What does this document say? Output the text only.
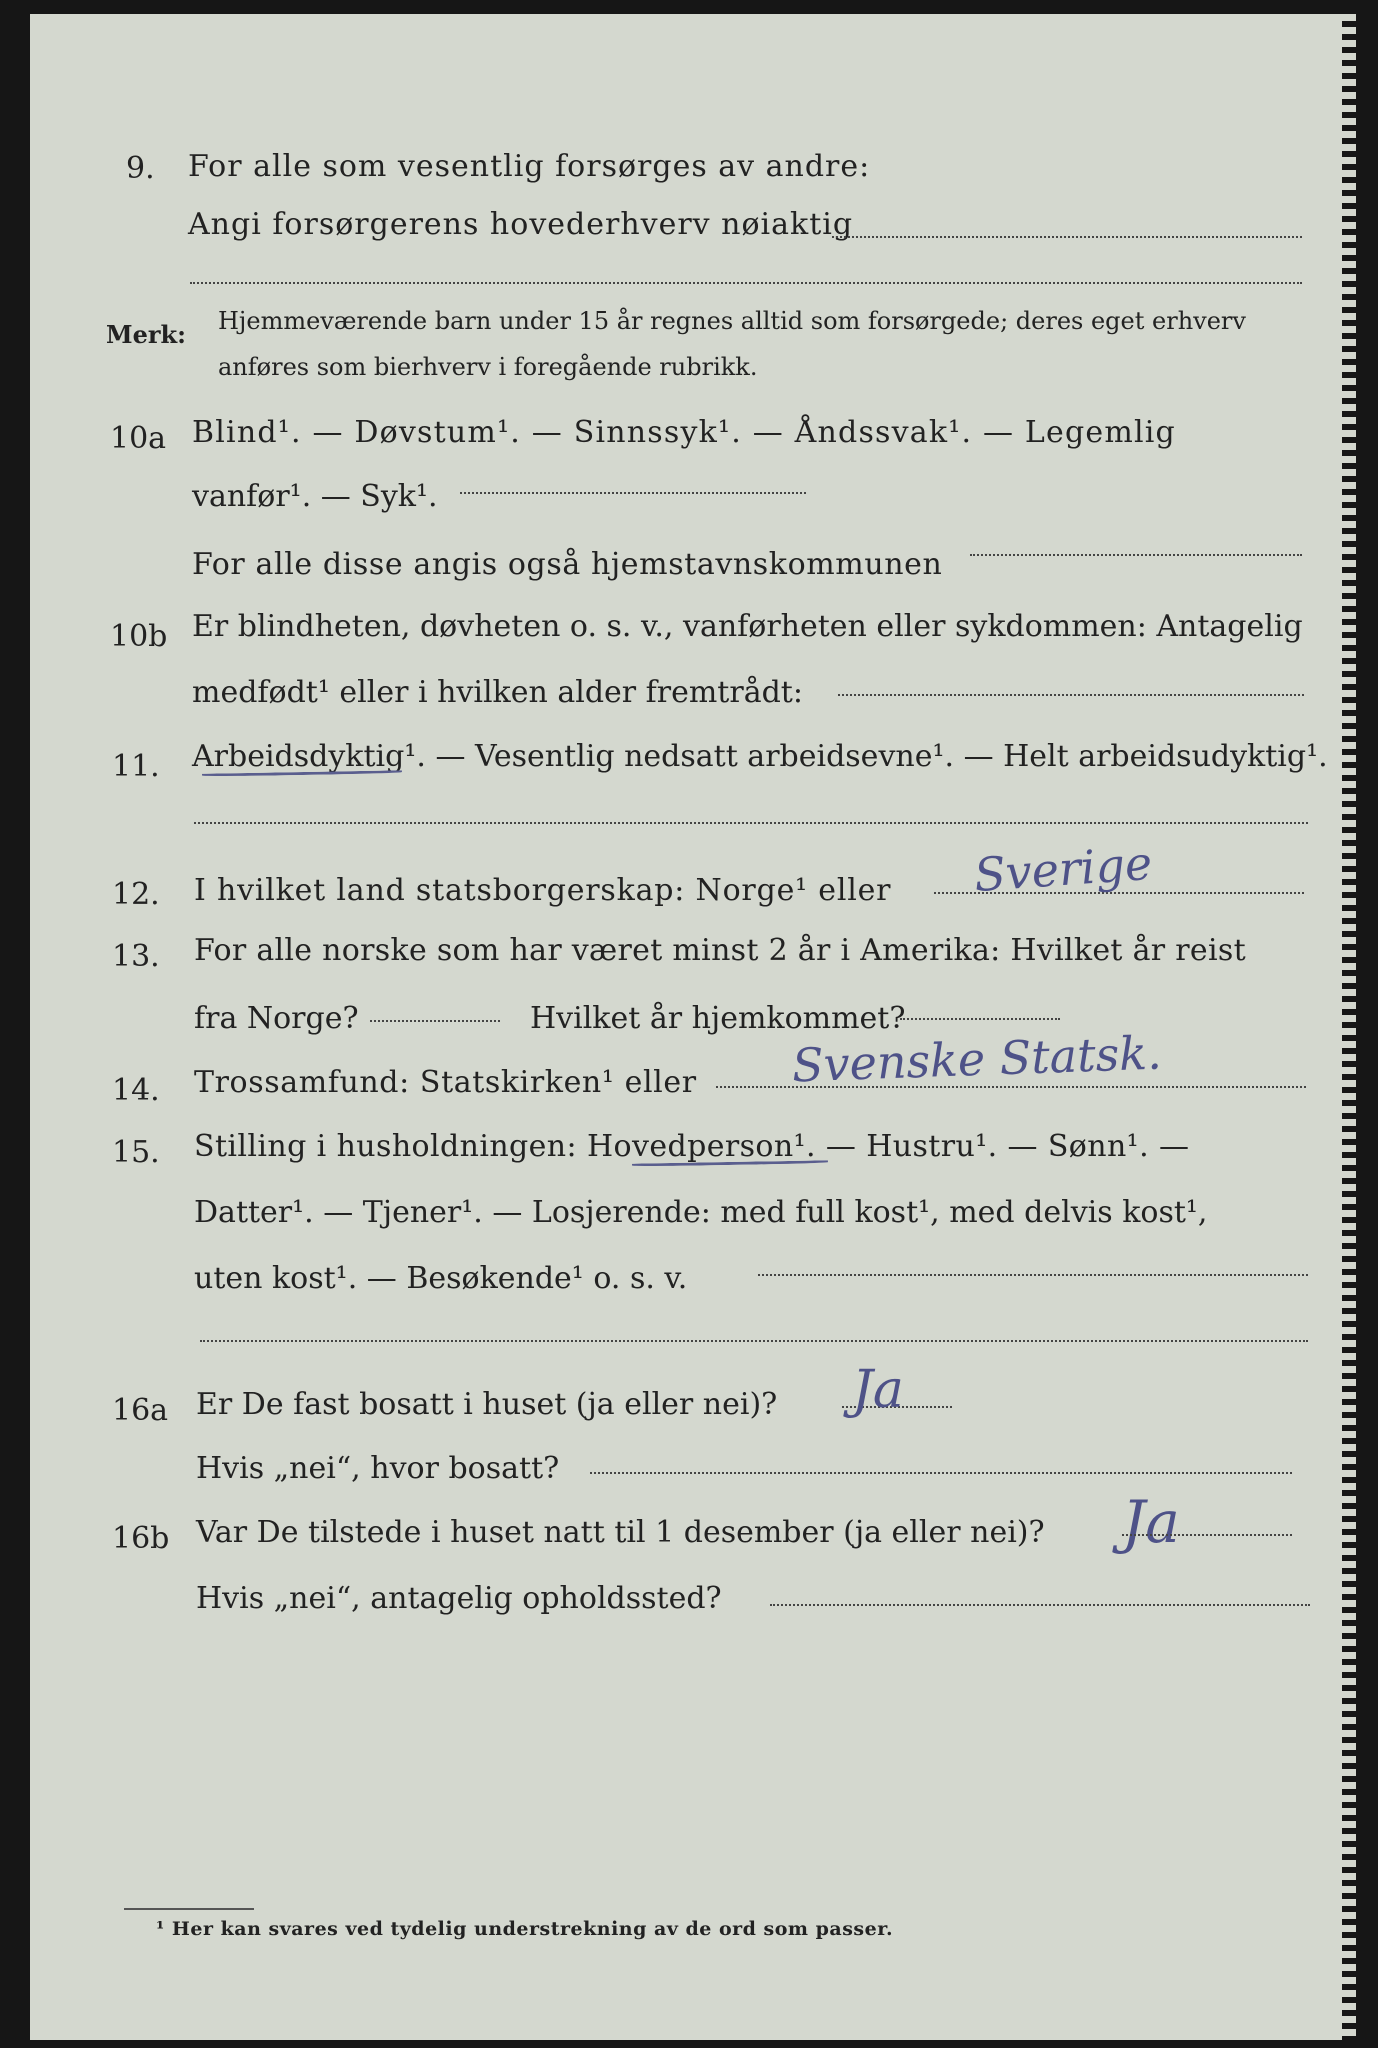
9. For alle som vesentlig forsørges av andre:
Angi forsørgerens hovederhverv nøiaktig
Merk: Hjemmeværende barn under 15 år regnes alltid som forsørgede; deres eget erhverv
anføres som bierhverv i foregående rubrikk.
10a Blind¹. — Døvstum¹. — Sinnssyk¹. — Åndssvak¹. — Legemlig
vanfør¹. — Syk¹.
For alle disse angis også hjemstavnskommunen
10b Er blindheten, døvheten o. s. v., vanførheten eller sykdommen: Antagelig
medfødt¹ eller i hvilken alder fremtrådt:
11. Arbeidsdyktig¹. — Vesentlig nedsatt arbeidsevne¹. — Helt arbeidsudyktig¹.
12. I hvilket land statsborgerskap: Norge¹ eller Sverige
13. For alle norske som har været minst 2 år i Amerika: Hvilket år reist
fra Norge?	Hvilket år hjemkommet?
14. Trossamfund: Statskirken¹ eller Svenske Statsk.
15. Stilling i husholdningen: Hovedperson¹. — Hustru¹. — Sønn¹. —
Datter¹. — Tjener¹. — Losjerende: med full kost¹, med delvis kost¹,
uten kost¹. — Besøkende¹ o. s. v.
16a Er De fast bosatt i huset (ja eller nei)? Ja
Hvis „nei“, hvor bosatt?
16b Var De tilstede i huset natt til 1 desember (ja eller nei)? Ja
Hvis „nei“, antagelig opholdssted?
¹ Her kan svares ved tydelig understrekning av de ord som passer.
